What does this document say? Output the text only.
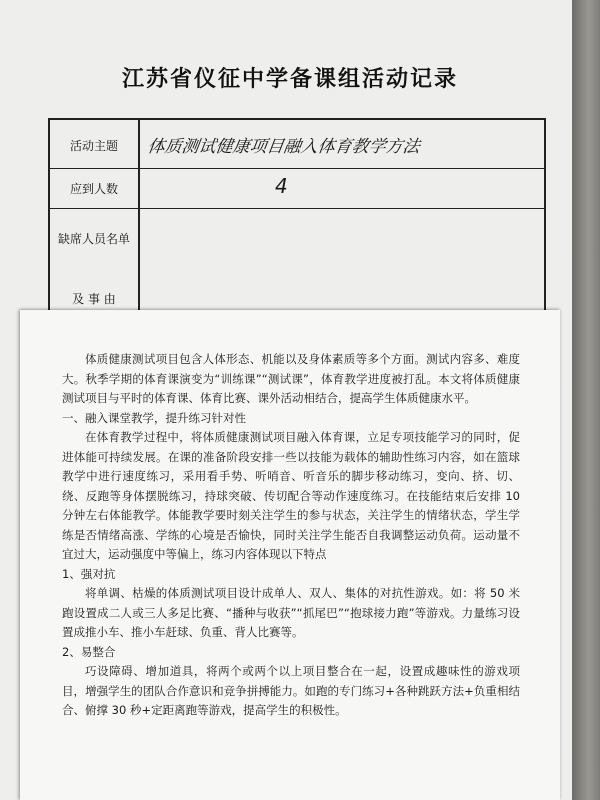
江苏省仪征中学备课组活动记录
活动主题	体质测试健康项目融入体育教学方法
应到人数	4
缺席人员名单
及 事 由

体质健康测试项目包含人体形态、机能以及身体素质等多个方面。测试内容多、难度大。秋季学期的体育课演变为“训练课”“测试课”，体育教学进度被打乱。本文将体质健康测试项目与平时的体育课、体育比赛、课外活动相结合，提高学生体质健康水平。

一、融入课堂教学，提升练习针对性

在体育教学过程中，将体质健康测试项目融入体育课，立足专项技能学习的同时，促进体能可持续发展。在课的准备阶段安排一些以技能为载体的辅助性练习内容，如在篮球教学中进行速度练习，采用看手势、听哨音、听音乐的脚步移动练习，变向、挤、切、绕、反跑等身体摆脱练习，持球突破、传切配合等动作速度练习。在技能结束后安排 10 分钟左右体能教学。体能教学要时刻关注学生的参与状态，关注学生的情绪状态，学生学练是否情绪高涨、学练的心境是否愉快，同时关注学生能否自我调整运动负荷。运动量不宜过大，运动强度中等偏上，练习内容体现以下特点

1、强对抗

将单调、枯燥的体质测试项目设计成单人、双人、集体的对抗性游戏。如：将 50 米跑设置成二人或三人多足比赛、“播种与收获”“抓尾巴”“抱球接力跑”等游戏。力量练习设置成推小车、推小车赶球、负重、背人比赛等。

2、易整合

巧设障碍、增加道具，将两个或两个以上项目整合在一起，设置成趣味性的游戏项目，增强学生的团队合作意识和竞争拼搏能力。如跑的专门练习+各种跳跃方法+负重相结合、俯撑 30 秒+定距离跑等游戏，提高学生的积极性。
